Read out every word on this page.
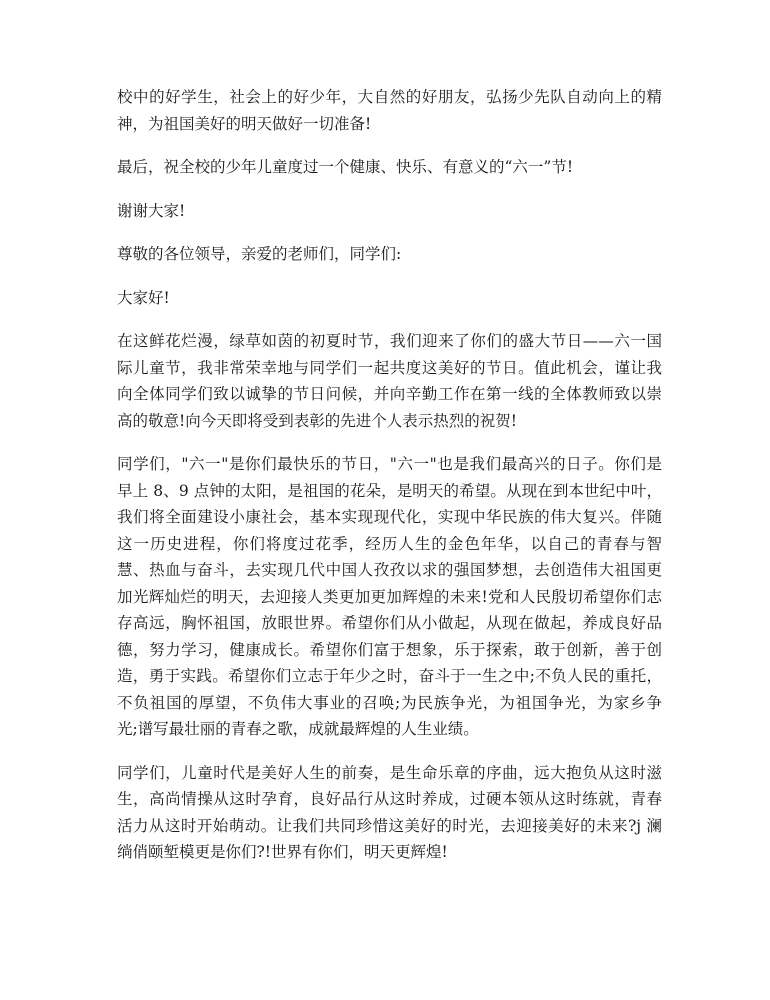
校中的好学生，社会上的好少年，大自然的好朋友，弘扬少先队自动向上的精
神，为祖国美好的明天做好一切准备!
最后，祝全校的少年儿童度过一个健康、快乐、有意义的“六一”节!
谢谢大家!
尊敬的各位领导，亲爱的老师们，同学们:
大家好!
在这鲜花烂漫，绿草如茵的初夏时节，我们迎来了你们的盛大节日——六一国
际儿童节，我非常荣幸地与同学们一起共度这美好的节日。值此机会，谨让我
向全体同学们致以诚挚的节日问候，并向辛勤工作在第一线的全体教师致以崇
高的敬意!向今天即将受到表彰的先进个人表示热烈的祝贺!
同学们，"六一"是你们最快乐的节日，"六一"也是我们最高兴的日子。你们是
早上 8、9 点钟的太阳，是祖国的花朵，是明天的希望。从现在到本世纪中叶，
我们将全面建设小康社会，基本实现现代化，实现中华民族的伟大复兴。伴随
这一历史进程，你们将度过花季，经历人生的金色年华，以自己的青春与智
慧、热血与奋斗，去实现几代中国人孜孜以求的强国梦想，去创造伟大祖国更
加光辉灿烂的明天，去迎接人类更加更加辉煌的未来!党和人民殷切希望你们志
存高远，胸怀祖国，放眼世界。希望你们从小做起，从现在做起，养成良好品
德，努力学习，健康成长。希望你们富于想象，乐于探索，敢于创新，善于创
造，勇于实践。希望你们立志于年少之时，奋斗于一生之中;不负人民的重托，
不负祖国的厚望，不负伟大事业的召唤;为民族争光，为祖国争光，为家乡争
光;谱写最壮丽的青春之歌，成就最辉煌的人生业绩。
同学们，儿童时代是美好人生的前奏，是生命乐章的序曲，远大抱负从这时滋
生，高尚情操从这时孕育，良好品行从这时养成，过硬本领从这时练就，青春
活力从这时开始萌动。让我们共同珍惜这美好的时光，去迎接美好的未来?j 澜
绱俏颐堑模更是你们?!世界有你们，明天更辉煌!
